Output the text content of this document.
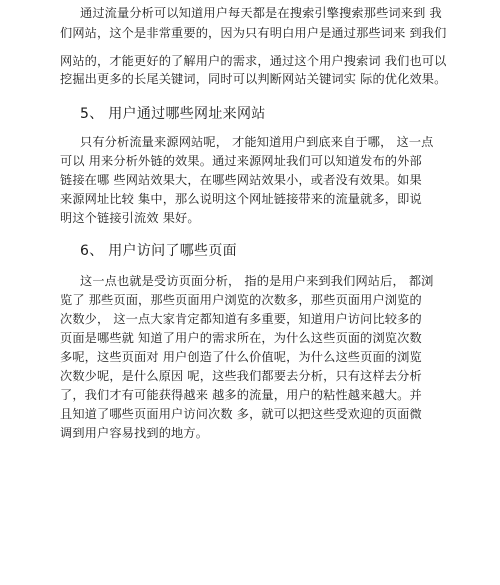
通过流量分析可以知道用户每天都是在搜索引擎搜索那些词来到 我
们网站，这个是非常重要的，因为只有明白用户是通过那些词来 到我们
网站的，才能更好的了解用户的需求，通过这个用户搜索词 我们也可以
挖掘出更多的长尾关键词，同时可以判断网站关键词实 际的优化效果。
5、 用户通过哪些网址来网站
只有分析流量来源网站呢， 才能知道用户到底来自于哪， 这一点
可以 用来分析外链的效果。通过来源网址我们可以知道发布的外部
链接在哪 些网站效果大，在哪些网站效果小，或者没有效果。如果
来源网址比较 集中，那么说明这个网址链接带来的流量就多，即说
明这个链接引流效 果好。
6、 用户访问了哪些页面
这一点也就是受访页面分析， 指的是用户来到我们网站后， 都浏
览了 那些页面，那些页面用户浏览的次数多，那些页面用户浏览的
次数少， 这一点大家肯定都知道有多重要，知道用户访问比较多的
页面是哪些就 知道了用户的需求所在，为什么这些页面的浏览次数
多呢，这些页面对 用户创造了什么价值呢，为什么这些页面的浏览
次数少呢，是什么原因 呢，这些我们都要去分析，只有这样去分析
了，我们才有可能获得越来 越多的流量，用户的粘性越来越大。并
且知道了哪些页面用户访问次数 多，就可以把这些受欢迎的页面微
调到用户容易找到的地方。
